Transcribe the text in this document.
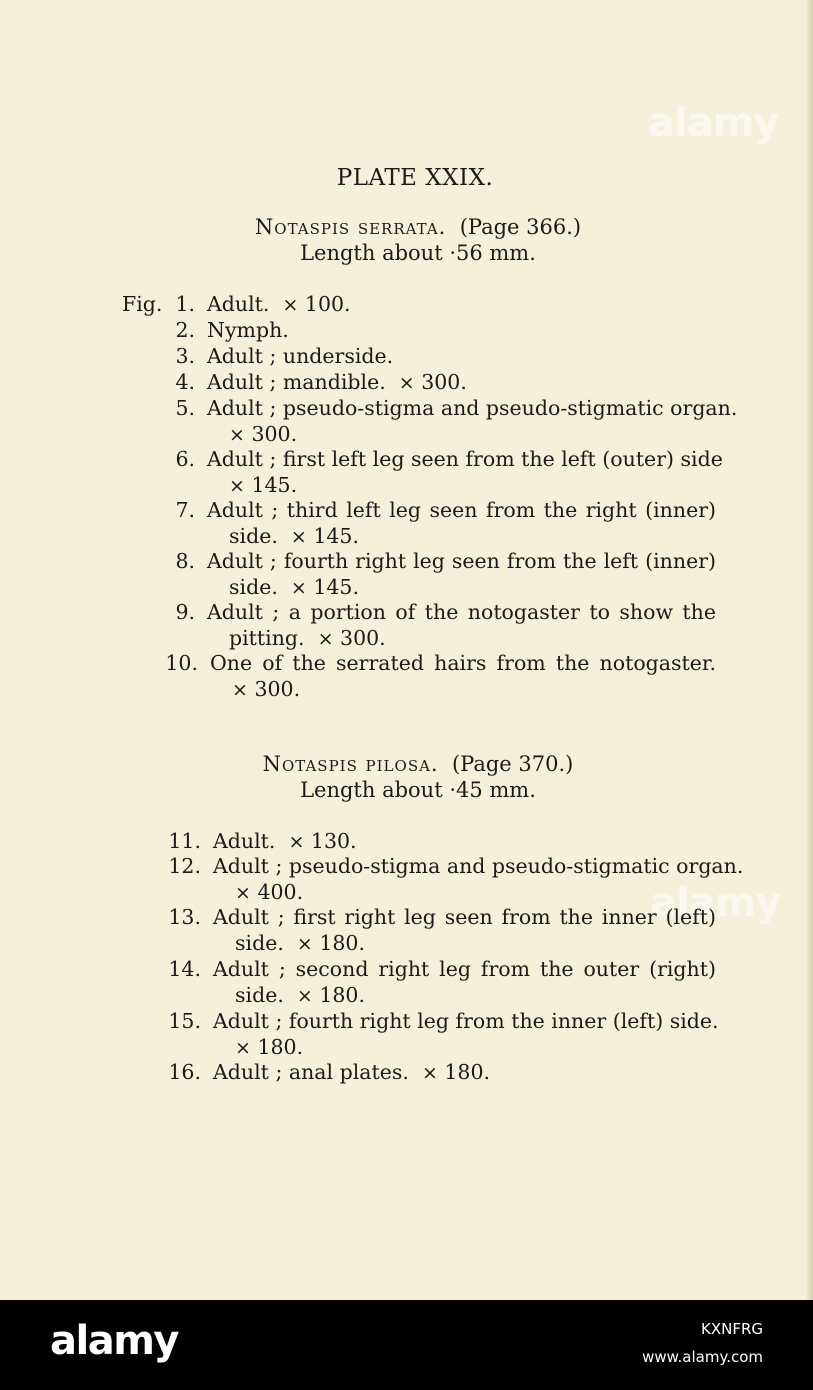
alamy
alamy
PLATE XXIX.
Notaspis serrata. (Page 366.)
Length about ·56 mm.
Notaspis pilosa. (Page 370.)
Length about ·45 mm.
Fig. 1. Adult.  × 100.
2. Nymph.
3. Adult ; underside.
4. Adult ; mandible.  × 300.
5. Adult ; pseudo-stigma and pseudo-stigmatic organ.
× 300.
6. Adult ; first left leg seen from the left (outer) side
× 145.
7. Adult ; third left leg seen from the right (inner)
side.  × 145.
8. Adult ; fourth right leg seen from the left (inner)
side.  × 145.
9. Adult ; a portion of the notogaster to show the
pitting.  × 300.
10. One of the serrated hairs from the notogaster.
× 300.
11. Adult.  × 130.
12. Adult ; pseudo-stigma and pseudo-stigmatic organ.
× 400.
13. Adult ; first right leg seen from the inner (left)
side.  × 180.
14. Adult ; second right leg from the outer (right)
side.  × 180.
15. Adult ; fourth right leg from the inner (left) side.
× 180.
16. Adult ; anal plates.  × 180.
alamy	KXNFRG
www.alamy.com
